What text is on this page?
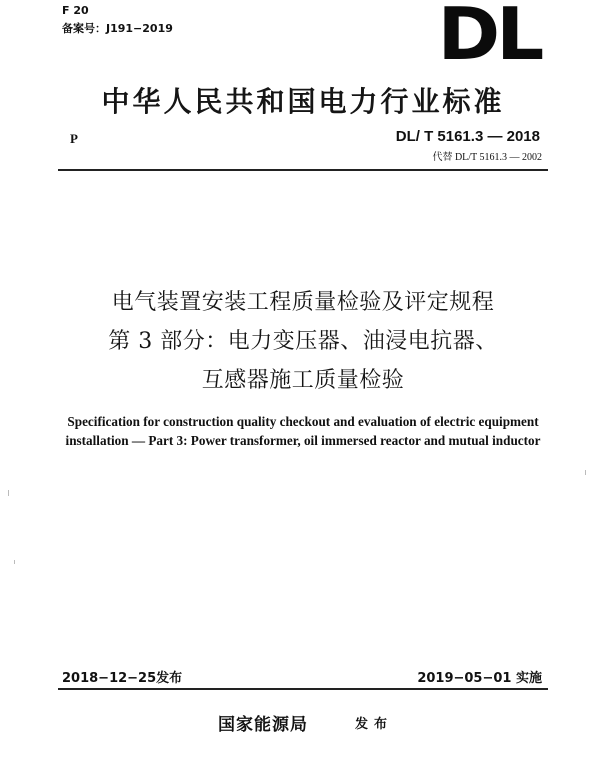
F 20
备案号：J191−2019	DL
中华人民共和国电力行业标准
P	DL/ T 5161.3 — 2018
代替 DL/T 5161.3 — 2002
电气装置安装工程质量检验及评定规程
第 3 部分：电力变压器、油浸电抗器、
互感器施工质量检验
Specification for construction quality checkout and evaluation of electric equipment
installation — Part 3: Power transformer, oil immersed reactor and mutual inductor
2018−12−25发布	2019−05−01 实施
国家能源局	发布
